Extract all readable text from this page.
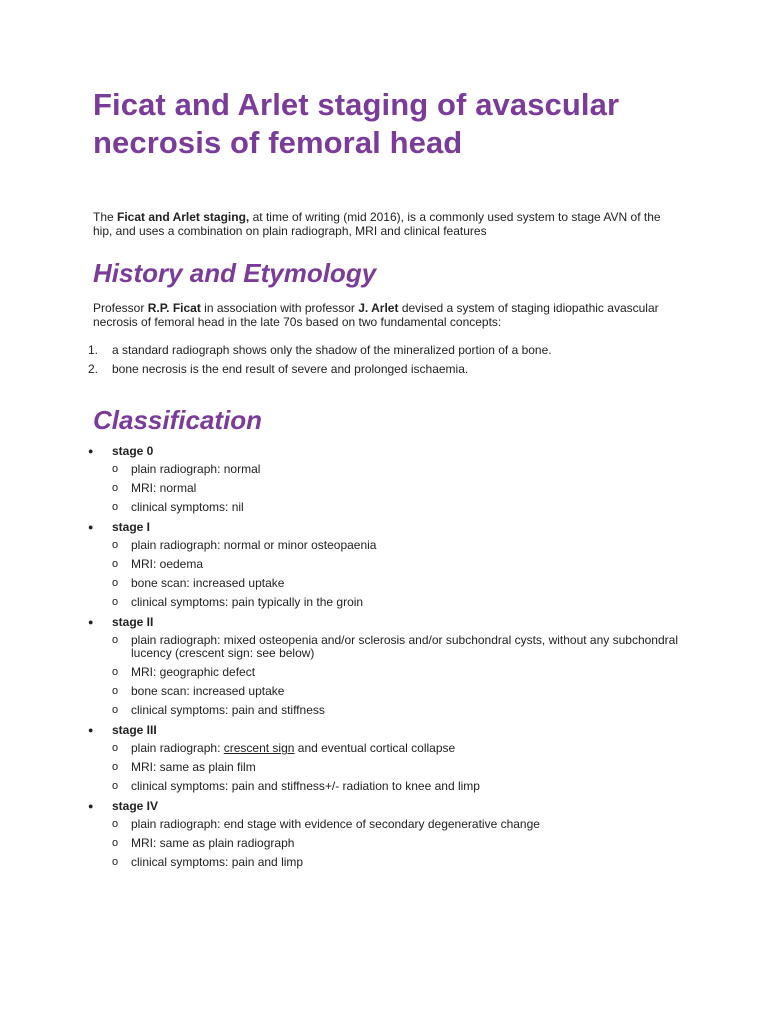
Ficat and Arlet staging of avascular necrosis of femoral head

The Ficat and Arlet staging, at time of writing (mid 2016), is a commonly used system to stage AVN of the hip, and uses a combination on plain radiograph, MRI and clinical features

History and Etymology

Professor R.P. Ficat in association with professor J. Arlet devised a system of staging idiopathic avascular necrosis of femoral head in the late 70s based on two fundamental concepts:

1. a standard radiograph shows only the shadow of the mineralized portion of a bone.
2. bone necrosis is the end result of severe and prolonged ischaemia.
Classification
● stage 0
o plain radiograph: normal
o MRI: normal
o clinical symptoms: nil
● stage I
o plain radiograph: normal or minor osteopaenia
o MRI: oedema
o bone scan: increased uptake
o clinical symptoms: pain typically in the groin
● stage II
o plain radiograph: mixed osteopenia and/or sclerosis and/or subchondral cysts, without any subchondral lucency (crescent sign: see below)
o MRI: geographic defect
o bone scan: increased uptake
o clinical symptoms: pain and stiffness
● stage III
o plain radiograph: crescent sign and eventual cortical collapse
o MRI: same as plain film
o clinical symptoms: pain and stiffness+/- radiation to knee and limp
● stage IV
o plain radiograph: end stage with evidence of secondary degenerative change
o MRI: same as plain radiograph
o clinical symptoms: pain and limp
